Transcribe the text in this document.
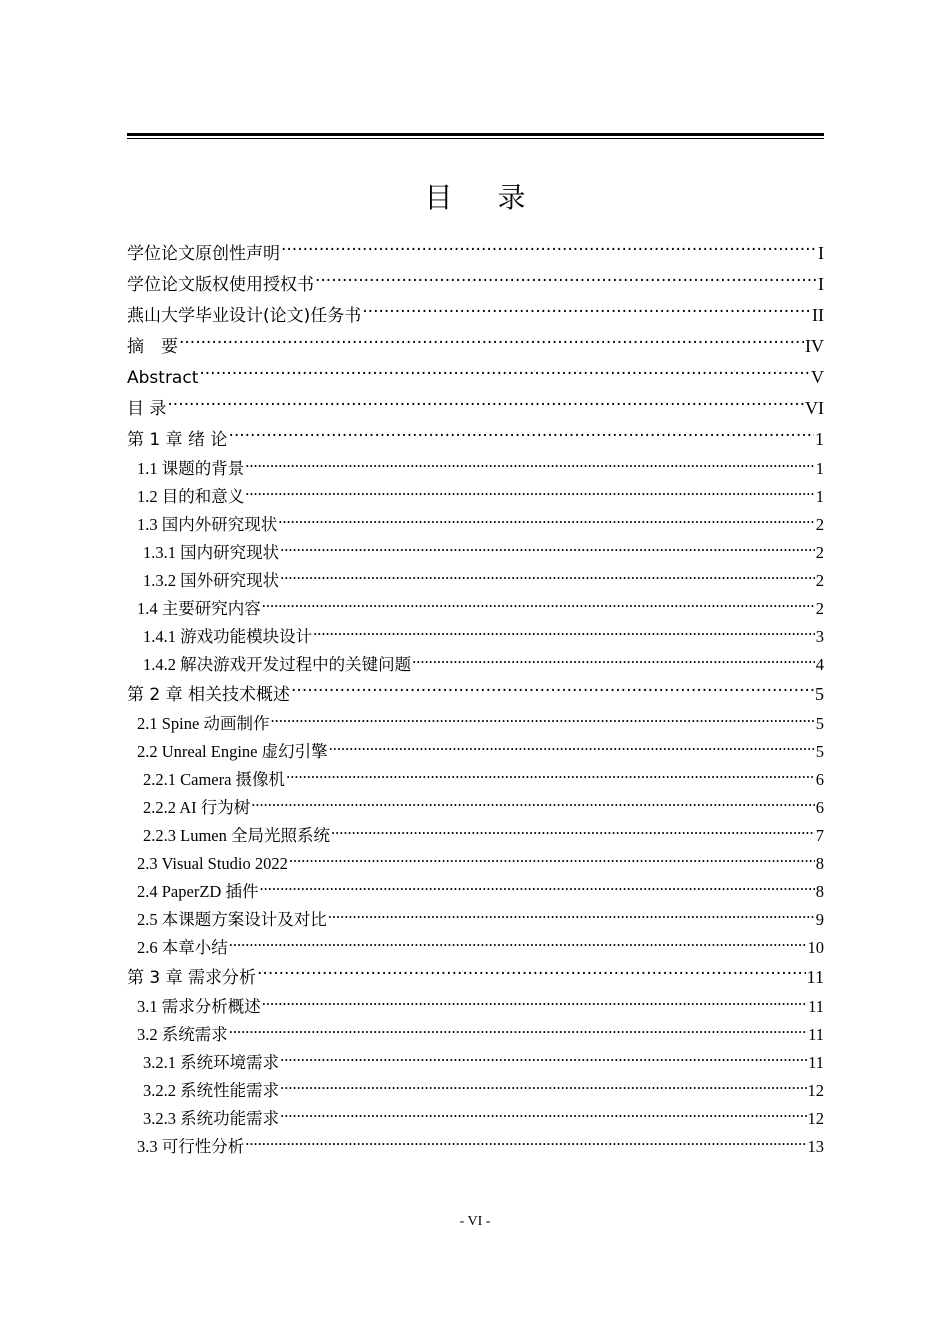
目 录
学位论文原创性声明 .....	I
学位论文版权使用授权书 .....	I
燕山大学毕业设计(论文)任务书 .....	II
摘　要 .....	IV
Abstract .....	V
目 录 .....	VI
第 1 章 绪 论 .....	1
1.1 课题的背景 .....	1
1.2 目的和意义 .....	1
1.3 国内外研究现状 .....	2
1.3.1 国内研究现状 .....	2
1.3.2 国外研究现状 .....	2
1.4 主要研究内容 .....	2
1.4.1 游戏功能模块设计 .....	3
1.4.2 解决游戏开发过程中的关键问题 .....	4
第 2 章 相关技术概述 .....	5
2.1 Spine 动画制作 .....	5
2.2 Unreal Engine 虚幻引擎 .....	5
2.2.1 Camera 摄像机 .....	6
2.2.2 AI 行为树 .....	6
2.2.3 Lumen 全局光照系统 .....	7
2.3 Visual Studio 2022 .....	8
2.4 PaperZD 插件 .....	8
2.5 本课题方案设计及对比 .....	9
2.6 本章小结 .....	10
第 3 章 需求分析 .....	11
3.1 需求分析概述 .....	11
3.2 系统需求 .....	11
3.2.1 系统环境需求 .....	11
3.2.2 系统性能需求 .....	12
3.2.3 系统功能需求 .....	12
3.3 可行性分析 .....	13
- VI -
